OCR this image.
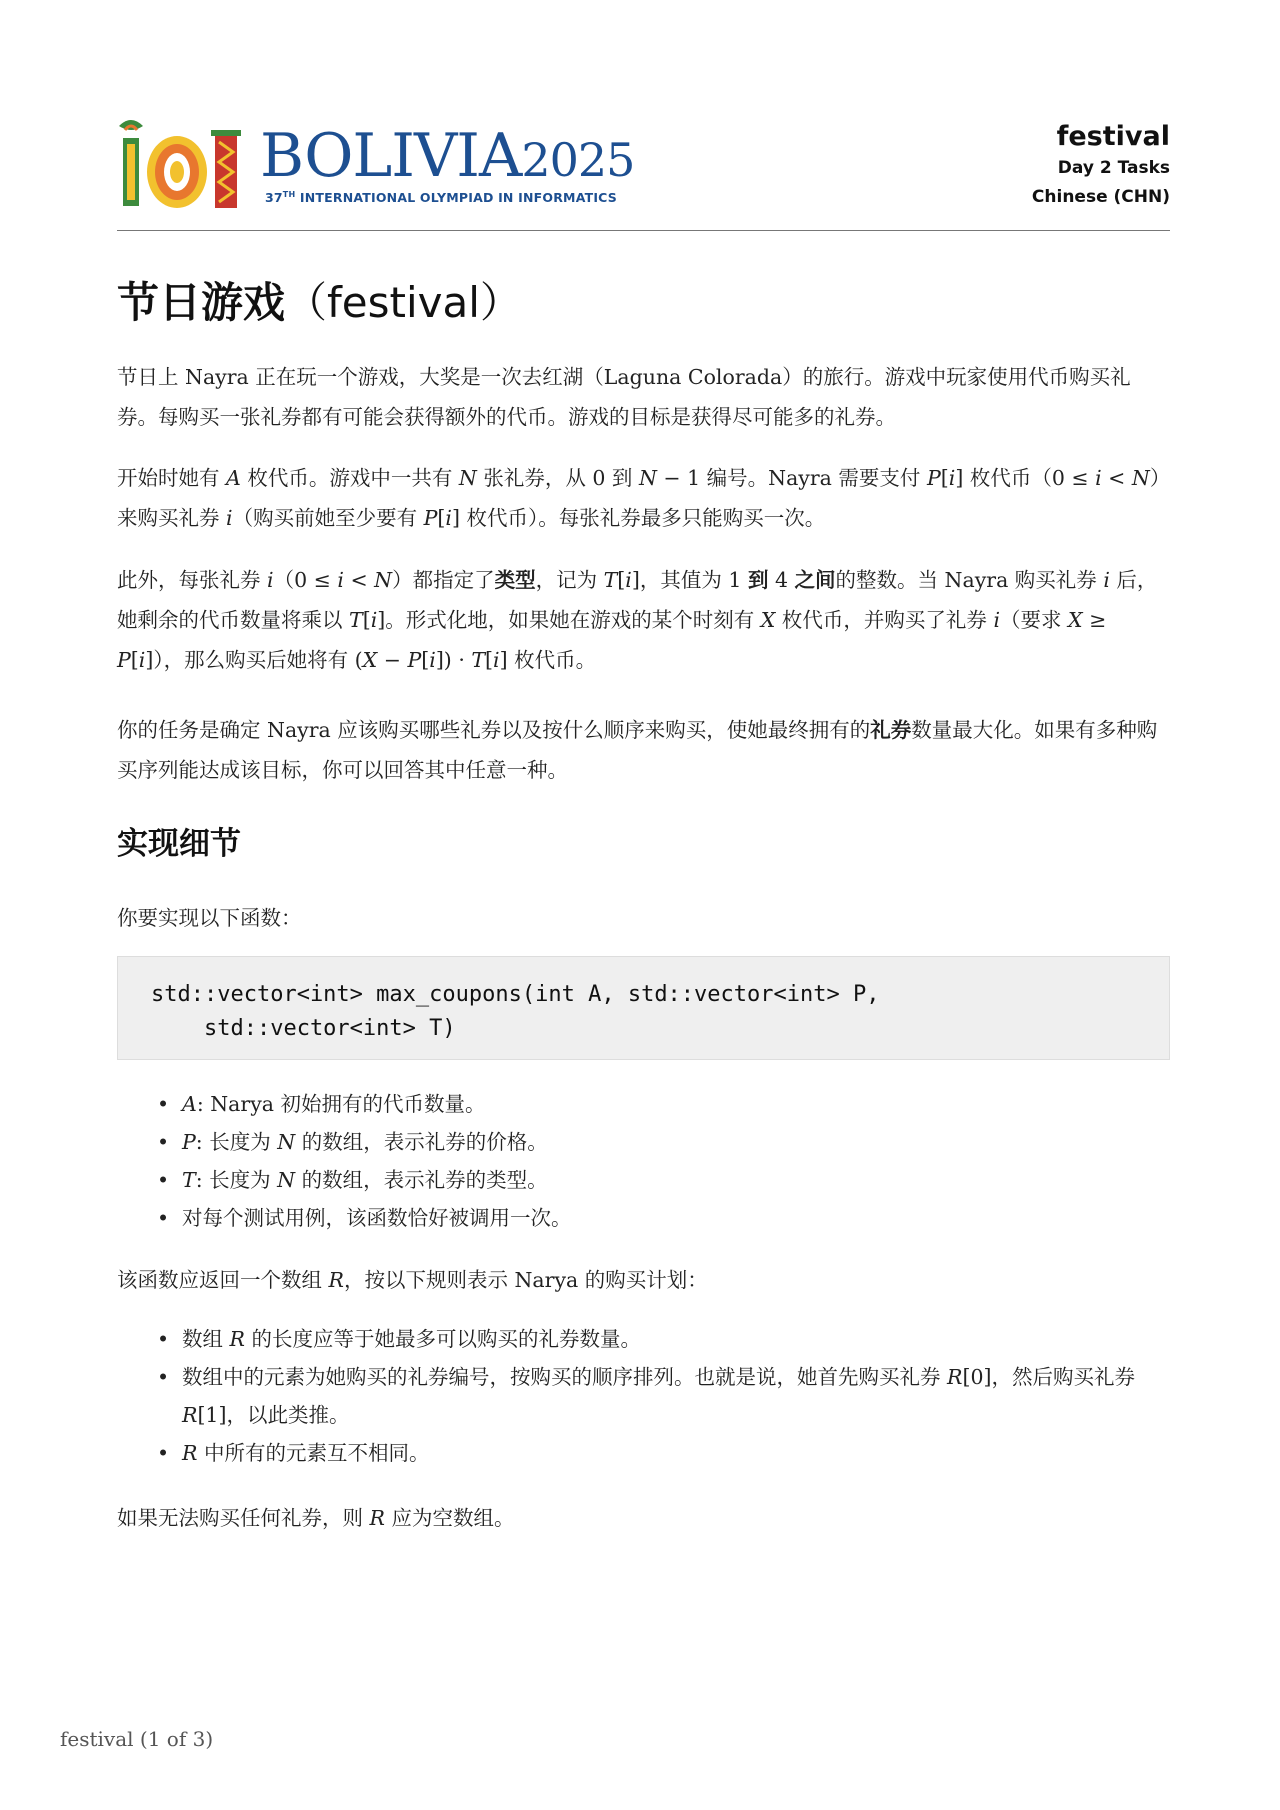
BOLIVIA2025
37TH INTERNATIONAL OLYMPIAD IN INFORMATICS
festival
Day 2 Tasks
Chinese (CHN)
节日游戏（festival）

节日上 Nayra 正在玩一个游戏，大奖是一次去红湖（Laguna Colorada）的旅行。游戏中玩家使用代币购买礼券。每购买一张礼券都有可能会获得额外的代币。游戏的目标是获得尽可能多的礼券。

开始时她有 A 枚代币。游戏中一共有 N 张礼券，从 0 到 N − 1 编号。Nayra 需要支付 P[i] 枚代币（0 ≤ i < N）来购买礼券 i（购买前她至少要有 P[i] 枚代币）。每张礼券最多只能购买一次。

此外，每张礼券 i（0 ≤ i < N）都指定了类型，记为 T[i]，其值为 1 到 4 之间的整数。当 Nayra 购买礼券 i 后，她剩余的代币数量将乘以 T[i]。形式化地，如果她在游戏的某个时刻有 X 枚代币，并购买了礼券 i（要求 X ≥ P[i]），那么购买后她将有 (X − P[i]) · T[i] 枚代币。

你的任务是确定 Nayra 应该购买哪些礼券以及按什么顺序来购买，使她最终拥有的礼券数量最大化。如果有多种购买序列能达成该目标，你可以回答其中任意一种。

实现细节

你要实现以下函数：

std::vector<int> max_coupons(int A, std::vector<int> P,
std::vector<int> T)
• A: Narya 初始拥有的代币数量。
• P: 长度为 N 的数组，表示礼券的价格。
• T: 长度为 N 的数组，表示礼券的类型。
• 对每个测试用例，该函数恰好被调用一次。

该函数应返回一个数组 R，按以下规则表示 Narya 的购买计划：

• 数组 R 的长度应等于她最多可以购买的礼券数量。
• 数组中的元素为她购买的礼券编号，按购买的顺序排列。也就是说，她首先购买礼券 R[0]，然后购买礼券 R[1]，以此类推。
• R 中所有的元素互不相同。

如果无法购买任何礼券，则 R 应为空数组。

festival (1 of 3)
